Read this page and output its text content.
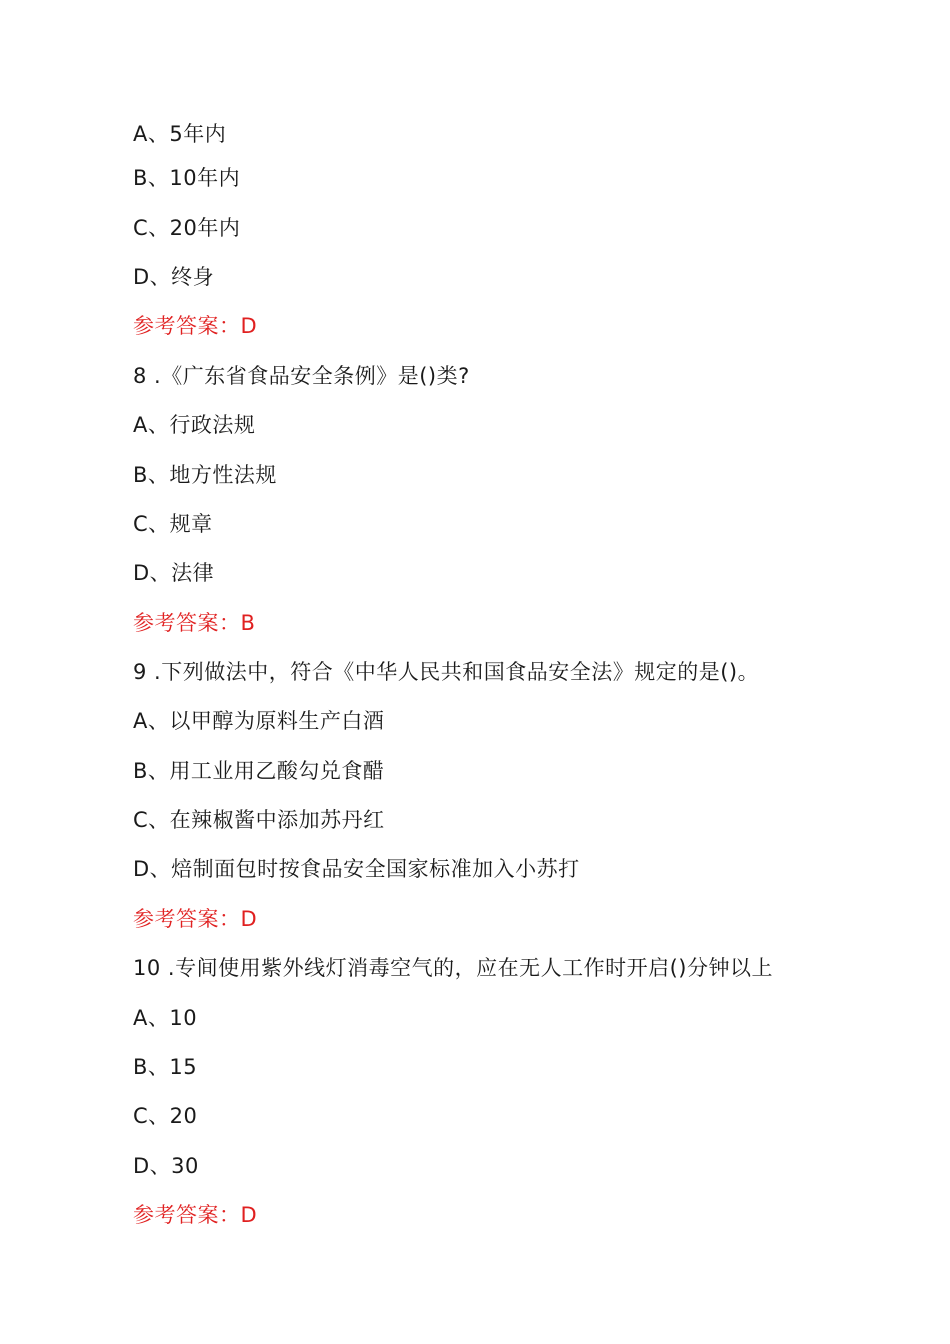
A、5年内
B、10年内
C、20年内
D、终身
参考答案：D
8 .《广东省食品安全条例》是()类?
A、行政法规
B、地方性法规
C、规章
D、法律
参考答案：B
9 .下列做法中，符合《中华人民共和国食品安全法》规定的是()。
A、以甲醇为原料生产白酒
B、用工业用乙酸勾兑食醋
C、在辣椒酱中添加苏丹红
D、焙制面包时按食品安全国家标准加入小苏打
参考答案：D
10 .专间使用紫外线灯消毒空气的，应在无人工作时开启()分钟以上
A、10
B、15
C、20
D、30
参考答案：D
